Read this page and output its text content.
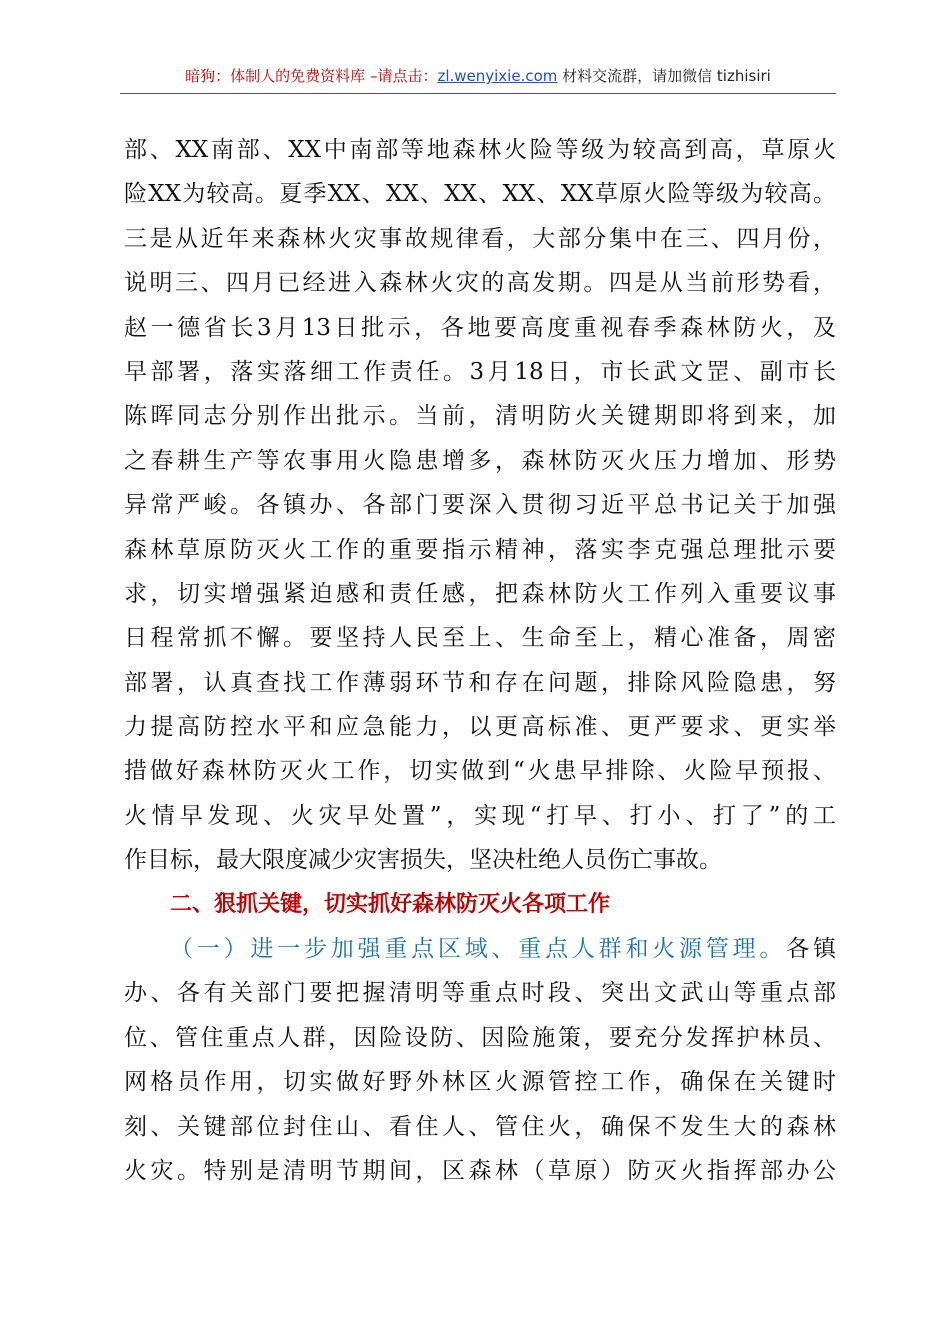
暗狗：体制人的免费资料库 –请点击：zl.wenyixie.com 材料交流群，请加微信 tizhisiri
部、XX南部、XX中南部等地森林火险等级为较高到高，草原火
险XX为较高。夏季XX、XX、XX、XX、XX草原火险等级为较高。
三是从近年来森林火灾事故规律看，大部分集中在三、四月份，
说明三、四月已经进入森林火灾的高发期。四是从当前形势看，
赵一德省长3月13日批示，各地要高度重视春季森林防火，及
早部署，落实落细工作责任。3月18日，市长武文罡、副市长
陈晖同志分别作出批示。当前，清明防火关键期即将到来，加
之春耕生产等农事用火隐患增多，森林防灭火压力增加、形势
异常严峻。各镇办、各部门要深入贯彻习近平总书记关于加强
森林草原防灭火工作的重要指示精神，落实李克强总理批示要
求，切实增强紧迫感和责任感，把森林防火工作列入重要议事
日程常抓不懈。要坚持人民至上、生命至上，精心准备，周密
部署，认真查找工作薄弱环节和存在问题，排除风险隐患，努
力提高防控水平和应急能力，以更高标准、更严要求、更实举
措做好森林防灭火工作，切实做到“火患早排除、火险早预报、
火情早发现、火灾早处置”，实现“打早、打小、打了”的工
作目标，最大限度减少灾害损失，坚决杜绝人员伤亡事故。
二、狠抓关键，切实抓好森林防灭火各项工作
（一）进一步加强重点区域、重点人群和火源管理。各镇
办、各有关部门要把握清明等重点时段、突出文武山等重点部
位、管住重点人群，因险设防、因险施策，要充分发挥护林员、
网格员作用，切实做好野外林区火源管控工作，确保在关键时
刻、关键部位封住山、看住人、管住火，确保不发生大的森林
火灾。特别是清明节期间，区森林（草原）防灭火指挥部办公
